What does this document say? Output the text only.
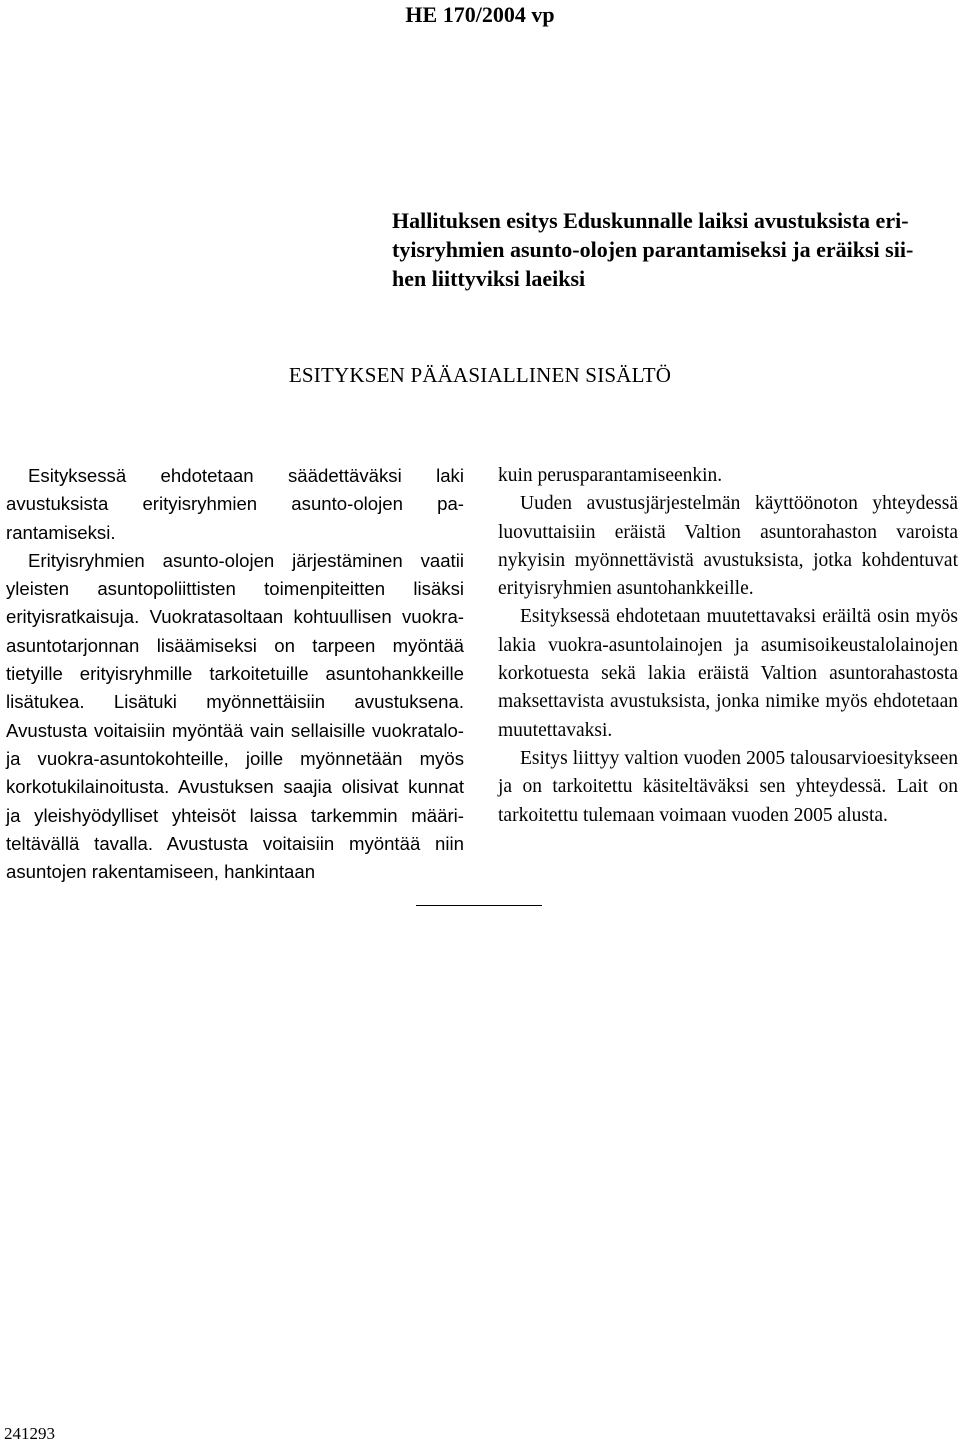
HE 170/2004 vp
Hallituksen esitys Eduskunnalle laiksi avustuksista eri-
tyisryhmien asunto-olojen parantamiseksi ja eräiksi sii-
hen liittyviksi laeiksi
ESITYKSEN PÄÄASIALLINEN SISÄLTÖ

Esityksessä ehdotetaan säädettäväksi laki avustuksista erityisryhmien asunto-olojen parantamiseksi.

Erityisryhmien asunto-olojen järjestäminen vaatii yleisten asuntopoliittisten toimenpiteitten lisäksi erityisratkaisuja. Vuokratasoltaan kohtuullisen vuokra-asuntotarjonnan lisäämiseksi on tarpeen myöntää tietyille erityisryhmille tarkoitetuille asuntohankkeille lisätukea. Lisätuki myönnettäisiin avustuksena. Avustusta voitaisiin myöntää vain sellaisille vuokratalo- ja vuokra-asuntokohteille, joille myönnetään myös korkotukilainoitusta. Avustuksen saajia olisivat kunnat ja yleishyödylliset yhteisöt laissa tarkemmin määriteltävällä tavalla. Avustusta voitaisiin myöntää niin asuntojen rakentamiseen, hankintaan

kuin perusparantamiseenkin.

Uuden avustusjärjestelmän käyttöönoton yhteydessä luovuttaisiin eräistä Valtion asuntorahaston varoista nykyisin myönnettävistä avustuksista, jotka kohdentuvat erityisryhmien asuntohankkeille.

Esityksessä ehdotetaan muutettavaksi eräiltä osin myös lakia vuokra-asuntolainojen ja asumisoikeustalolainojen korkotuesta sekä lakia eräistä Valtion asuntorahastosta maksettavista avustuksista, jonka nimike myös ehdotetaan muutettavaksi.

Esitys liittyy valtion vuoden 2005 talousarvioesitykseen ja on tarkoitettu käsiteltäväksi sen yhteydessä. Lait on tarkoitettu tulemaan voimaan vuoden 2005 alusta.

241293
